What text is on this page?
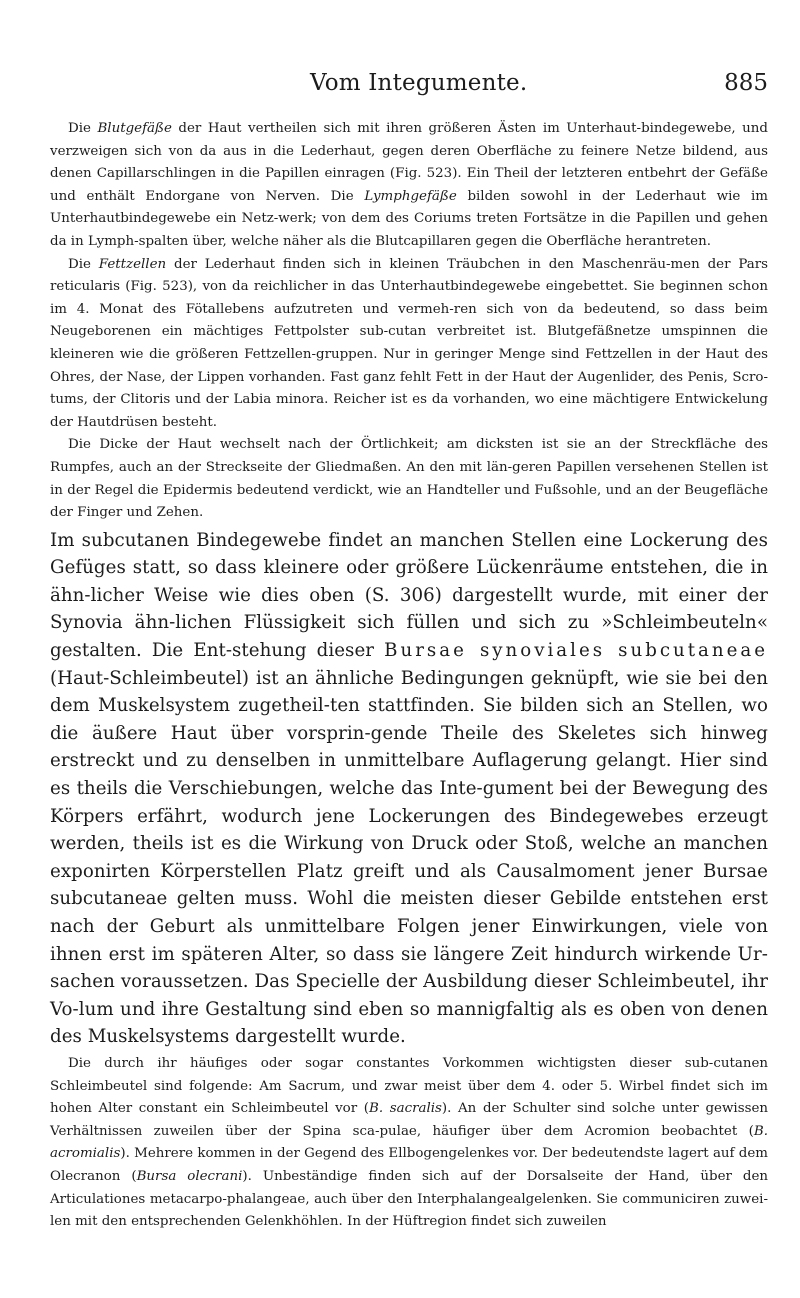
Vom Integumente.	885

Die Blutgefäße der Haut vertheilen sich mit ihren größeren Ästen im Unterhaut-bindegewebe, und verzweigen sich von da aus in die Lederhaut, gegen deren Oberfläche zu feinere Netze bildend, aus denen Capillarschlingen in die Papillen einragen (Fig. 523). Ein Theil der letzteren entbehrt der Gefäße und enthält Endorgane von Nerven. Die Lymphgefäße bilden sowohl in der Lederhaut wie im Unterhautbindegewebe ein Netz-werk; von dem des Coriums treten Fortsätze in die Papillen und gehen da in Lymph-spalten über, welche näher als die Blutcapillaren gegen die Oberfläche herantreten.

Die Fettzellen der Lederhaut finden sich in kleinen Träubchen in den Maschenräu-men der Pars reticularis (Fig. 523), von da reichlicher in das Unterhautbindegewebe eingebettet. Sie beginnen schon im 4. Monat des Fötallebens aufzutreten und vermeh-ren sich von da bedeutend, so dass beim Neugeborenen ein mächtiges Fettpolster sub-cutan verbreitet ist. Blutgefäßnetze umspinnen die kleineren wie die größeren Fettzellen-gruppen. Nur in geringer Menge sind Fettzellen in der Haut des Ohres, der Nase, der Lippen vorhanden. Fast ganz fehlt Fett in der Haut der Augenlider, des Penis, Scro-tums, der Clitoris und der Labia minora. Reicher ist es da vorhanden, wo eine mächtigere Entwickelung der Hautdrüsen besteht.

Die Dicke der Haut wechselt nach der Örtlichkeit; am dicksten ist sie an der Streckfläche des Rumpfes, auch an der Streckseite der Gliedmaßen. An den mit län-geren Papillen versehenen Stellen ist in der Regel die Epidermis bedeutend verdickt, wie an Handteller und Fußsohle, und an der Beugefläche der Finger und Zehen.

Im subcutanen Bindegewebe findet an manchen Stellen eine Lockerung des Gefüges statt, so dass kleinere oder größere Lückenräume entstehen, die in ähn-licher Weise wie dies oben (S. 306) dargestellt wurde, mit einer der Synovia ähn-lichen Flüssigkeit sich füllen und sich zu »Schleimbeuteln« gestalten. Die Ent-stehung dieser Bursae synoviales subcutaneae (Haut-Schleimbeutel) ist an ähnliche Bedingungen geknüpft, wie sie bei den dem Muskelsystem zugetheil-ten stattfinden. Sie bilden sich an Stellen, wo die äußere Haut über vorsprin-gende Theile des Skeletes sich hinweg erstreckt und zu denselben in unmittelbare Auflagerung gelangt. Hier sind es theils die Verschiebungen, welche das Inte-gument bei der Bewegung des Körpers erfährt, wodurch jene Lockerungen des Bindegewebes erzeugt werden, theils ist es die Wirkung von Druck oder Stoß, welche an manchen exponirten Körperstellen Platz greift und als Causalmoment jener Bursae subcutaneae gelten muss. Wohl die meisten dieser Gebilde entstehen erst nach der Geburt als unmittelbare Folgen jener Einwirkungen, viele von ihnen erst im späteren Alter, so dass sie längere Zeit hindurch wirkende Ur-sachen voraussetzen. Das Specielle der Ausbildung dieser Schleimbeutel, ihr Vo-lum und ihre Gestaltung sind eben so mannigfaltig als es oben von denen des Muskelsystems dargestellt wurde.

Die durch ihr häufiges oder sogar constantes Vorkommen wichtigsten dieser sub-cutanen Schleimbeutel sind folgende: Am Sacrum, und zwar meist über dem 4. oder 5. Wirbel findet sich im hohen Alter constant ein Schleimbeutel vor (B. sacralis). An der Schulter sind solche unter gewissen Verhältnissen zuweilen über der Spina sca-pulae, häufiger über dem Acromion beobachtet (B. acromialis). Mehrere kommen in der Gegend des Ellbogengelenkes vor. Der bedeutendste lagert auf dem Olecranon (Bursa olecrani). Unbeständige finden sich auf der Dorsalseite der Hand, über den Articulationes metacarpo-phalangeae, auch über den Interphalangealgelenken. Sie communiciren zuwei-len mit den entsprechenden Gelenkhöhlen. In der Hüftregion findet sich zuweilen
